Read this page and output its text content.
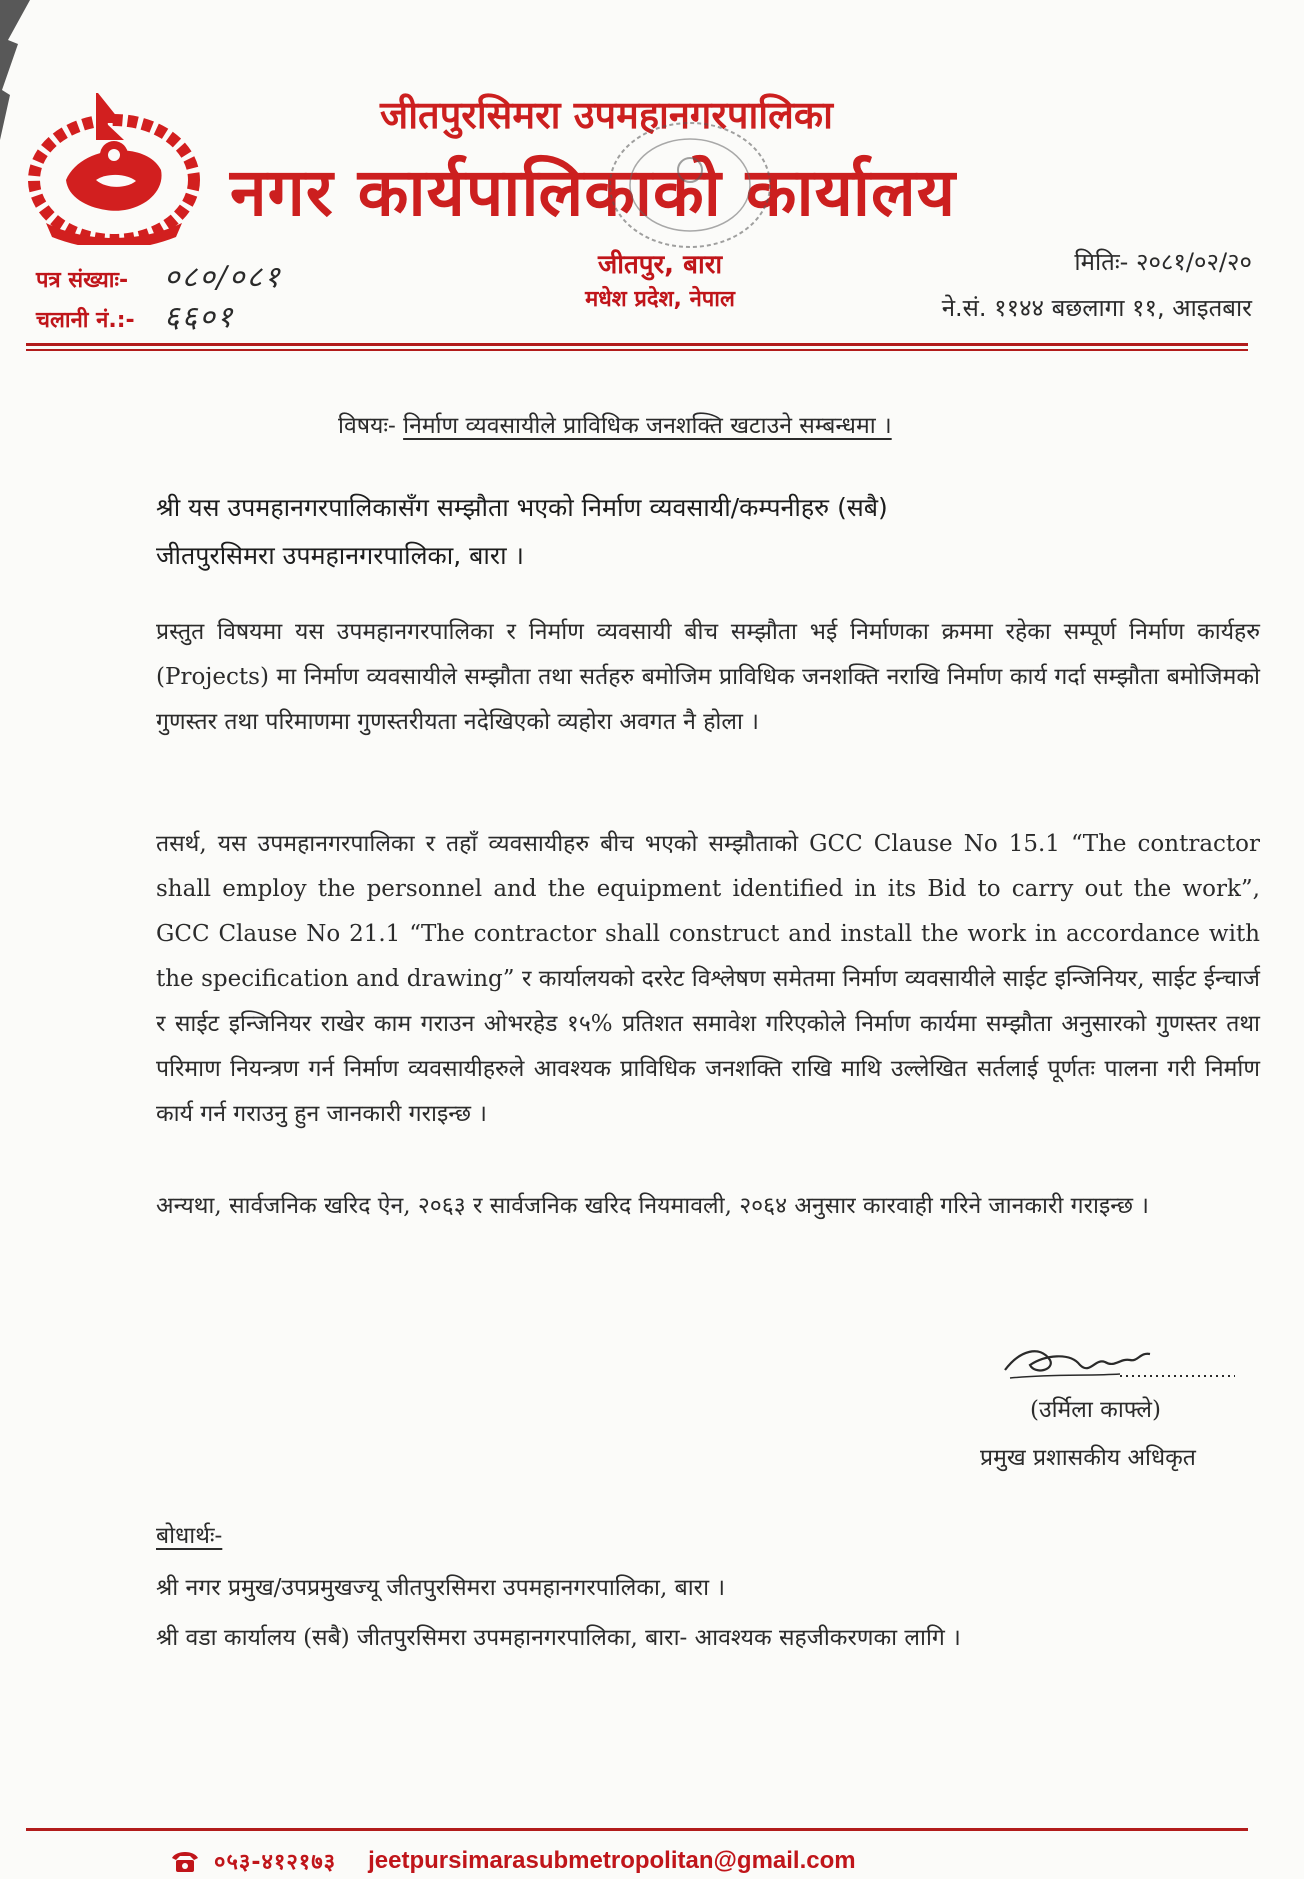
जीतपुरसिमरा उपमहानगरपालिका
नगर कार्यपालिकाको कार्यालय
पत्र संख्याः-	०८०/०८१
चलानी नं.:- ६६०१
जीतपुर, बारा
मधेश प्रदेश, नेपाल
मितिः- २०८१/०२/२०
ने.सं. ११४४ बछलागा ११, आइतबार
विषयः- निर्माण व्यवसायीले प्राविधिक जनशक्ति खटाउने सम्बन्धमा ।
श्री यस उपमहानगरपालिकासँग सम्झौता भएको निर्माण व्यवसायी/कम्पनीहरु (सबै)
जीतपुरसिमरा उपमहानगरपालिका, बारा ।
प्रस्तुत विषयमा यस उपमहानगरपालिका र निर्माण व्यवसायी बीच सम्झौता भई निर्माणका क्रममा रहेका सम्पूर्ण निर्माण कार्यहरु (Projects) मा निर्माण व्यवसायीले सम्झौता तथा सर्तहरु बमोजिम प्राविधिक जनशक्ति नराखि निर्माण कार्य गर्दा सम्झौता बमोजिमको गुणस्तर तथा परिमाणमा गुणस्तरीयता नदेखिएको व्यहोरा अवगत नै होला ।
तसर्थ, यस उपमहानगरपालिका र तहाँ व्यवसायीहरु बीच भएको सम्झौताको GCC Clause No 15.1 “The contractor shall employ the personnel and the equipment identified in its Bid to carry out the work”, GCC Clause No 21.1 “The contractor shall construct and install the work in accordance with the specification and drawing” र कार्यालयको दररेट विश्लेषण समेतमा निर्माण व्यवसायीले साईट इन्जिनियर, साईट ईन्चार्ज र साईट इन्जिनियर राखेर काम गराउन ओभरहेड १५% प्रतिशत समावेश गरिएकोले निर्माण कार्यमा सम्झौता अनुसारको गुणस्तर तथा परिमाण नियन्त्रण गर्न निर्माण व्यवसायीहरुले आवश्यक प्राविधिक जनशक्ति राखि माथि उल्लेखित सर्तलाई पूर्णतः पालना गरी निर्माण कार्य गर्न गराउनु हुन जानकारी गराइन्छ ।
अन्यथा, सार्वजनिक खरिद ऐन, २०६३ र सार्वजनिक खरिद नियमावली, २०६४ अनुसार कारवाही गरिने जानकारी गराइन्छ ।
(उर्मिला काफ्ले)
प्रमुख प्रशासकीय अधिकृत
बोधार्थः-
श्री नगर प्रमुख/उपप्रमुखज्यू जीतपुरसिमरा उपमहानगरपालिका, बारा ।
श्री वडा कार्यालय (सबै) जीतपुरसिमरा उपमहानगरपालिका, बारा- आवश्यक सहजीकरणका लागि ।
०५३-४१२१७३ jeetpursimarasubmetropolitan@gmail.com
